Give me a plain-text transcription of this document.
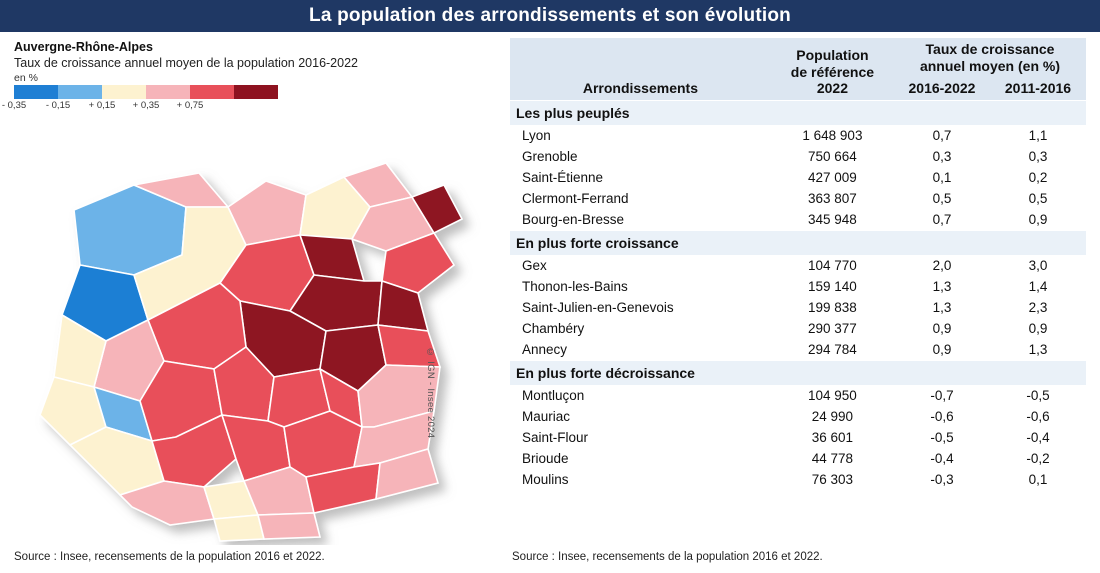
La population des arrondissements et son évolution
Auvergne-Rhône-Alpes
Taux de croissance annuel moyen de la population 2016-2022
en %
- 0,35	- 0,15	+ 0,15	+ 0,35	+ 0,75
© IGN - Insee 2024
Source : Insee, recensements de la population 2016 et 2022.
Arrondissements	
Population
de référence
2022

Taux de croissance
annuel moyen (en %)

		2016-2022	2011-2016
Les plus peuplés			
Lyon	1 648 903	0,7	1,1
Grenoble	750 664	0,3	0,3
Saint-Étienne	427 009	0,1	0,2
Clermont-Ferrand	363 807	0,5	0,5
Bourg-en-Bresse	345 948	0,7	0,9
En plus forte croissance			
Gex	104 770	2,0	3,0
Thonon-les-Bains	159 140	1,3	1,4
Saint-Julien-en-Genevois	199 838	1,3	2,3
Chambéry	290 377	0,9	0,9
Annecy	294 784	0,9	1,3
En plus forte décroissance			
Montluçon	104 950	-0,7	-0,5
Mauriac	24 990	-0,6	-0,6
Saint-Flour	36 601	-0,5	-0,4
Brioude	44 778	-0,4	-0,2
Moulins	76 303	-0,3	0,1
Source : Insee, recensements de la population 2016 et 2022.
